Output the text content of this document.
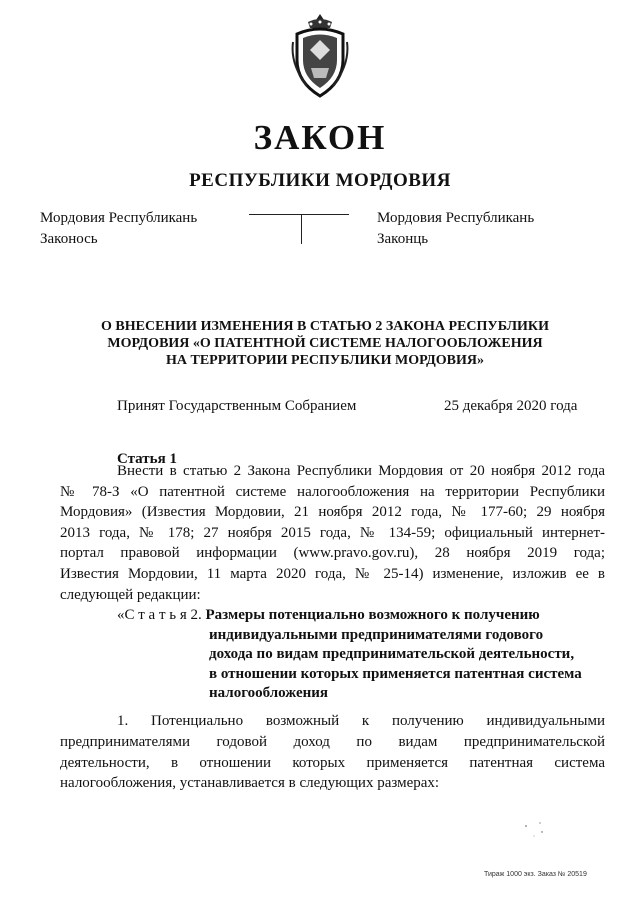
ЗАКОН
РЕСПУБЛИКИ МОРДОВИЯ
Мордовия Республикань
Законось
Мордовия Республикань
Законць
О ВНЕСЕНИИ ИЗМЕНЕНИЯ В СТАТЬЮ 2 ЗАКОНА РЕСПУБЛИКИ
МОРДОВИЯ «О ПАТЕНТНОЙ СИСТЕМЕ НАЛОГООБЛОЖЕНИЯ
НА ТЕРРИТОРИИ РЕСПУБЛИКИ МОРДОВИЯ»
Принят Государственным Собранием	25 декабря 2020 года
Статья 1
Внести в статью 2 Закона Республики Мордовия от 20 ноября 2012 года
№ 78-З «О патентной системе налогообложения на территории Республики
Мордовия» (Известия Мордовии, 21 ноября 2012 года, № 177-60; 29 ноября
2013 года, № 178; 27 ноября 2015 года, № 134-59; официальный интернет-
портал правовой информации (www.pravo.gov.ru), 28 ноября 2019 года;
Известия Мордовии, 11 марта 2020 года, № 25-14) изменение, изложив ее в
следующей редакции:
«С т а т ь я 2. Размеры потенциально возможного к получению
индивидуальными предпринимателями годового
дохода по видам предпринимательской деятельности,
в отношении которых применяется патентная система
налогообложения
1. Потенциально возможный к получению индивидуальными
предпринимателями годовой доход по видам предпринимательской
деятельности, в отношении которых применяется патентная система
налогообложения, устанавливается в следующих размерах:
Тираж 1000 экз. Заказ № 20519
